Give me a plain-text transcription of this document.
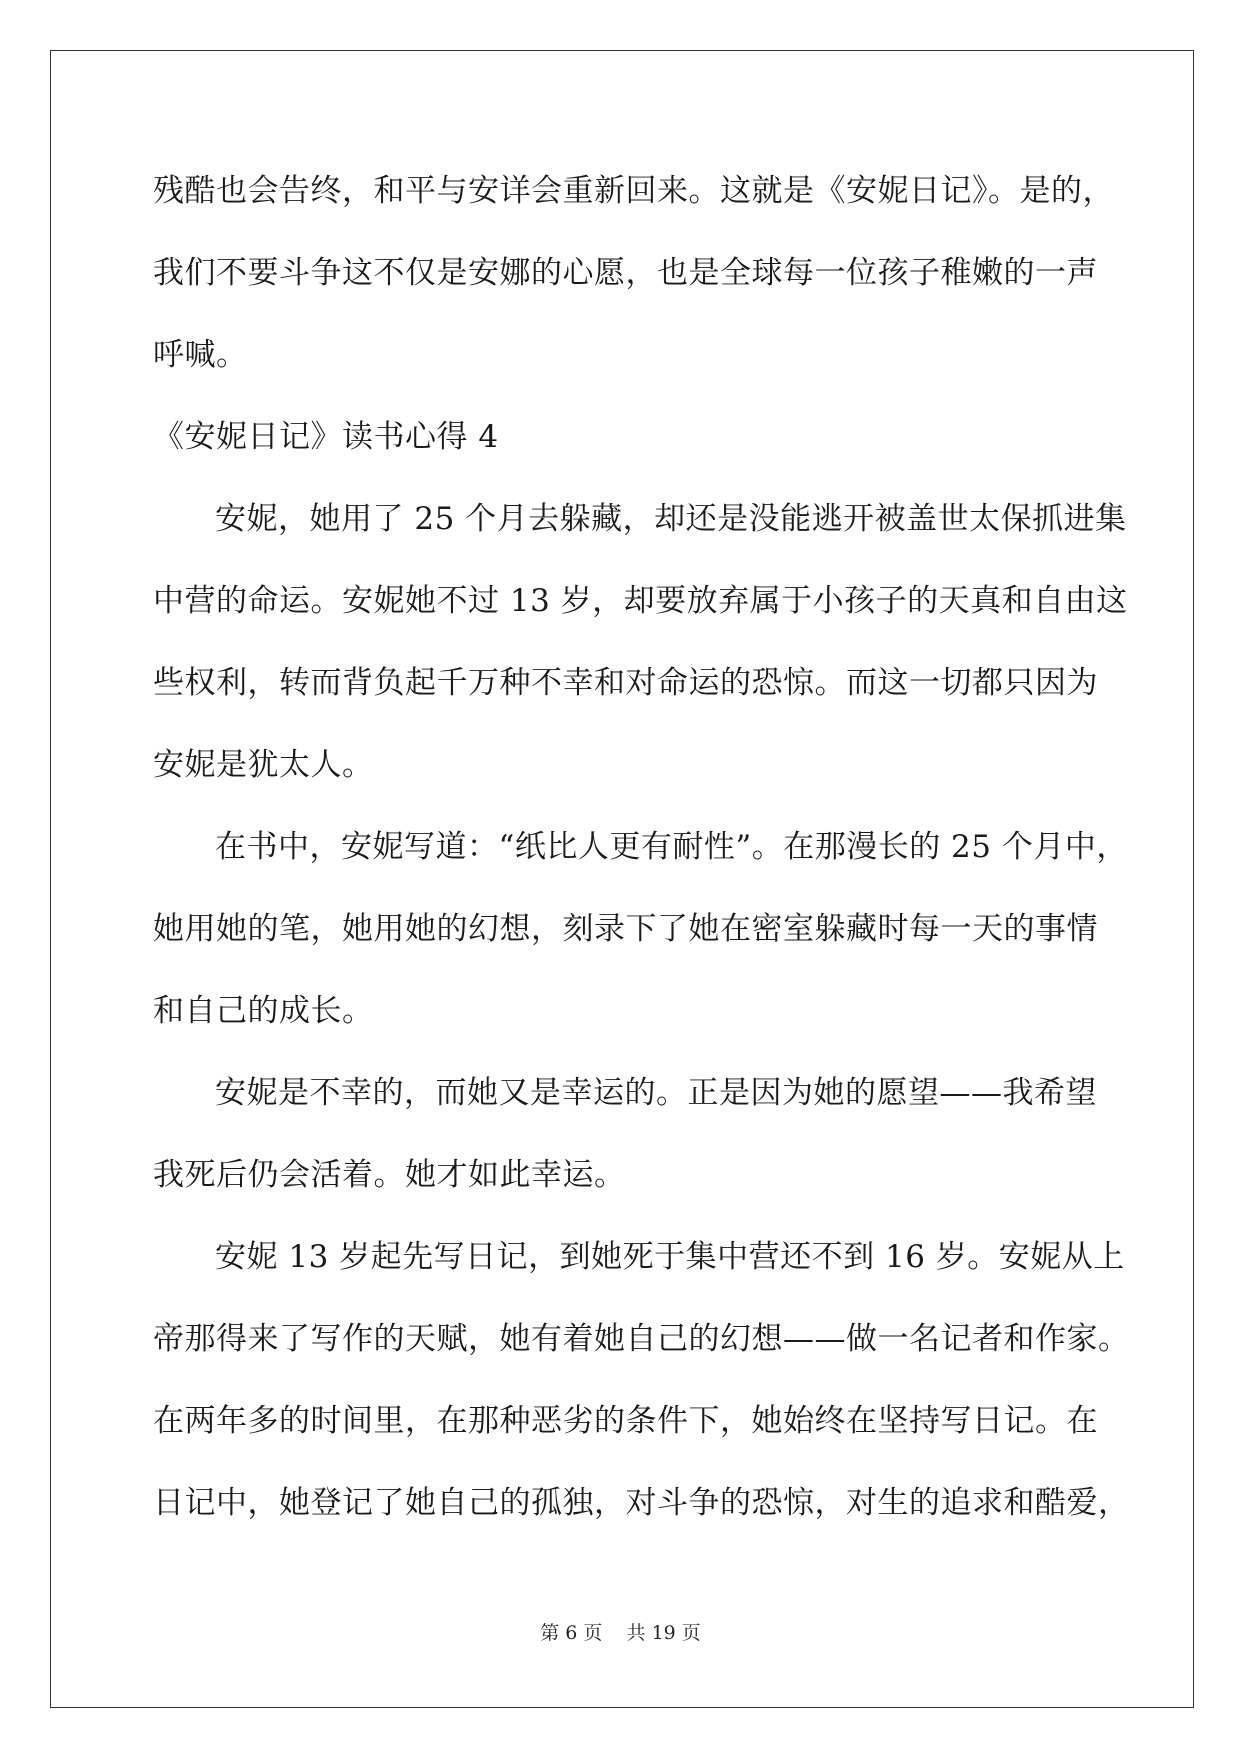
残酷也会告终，和平与安详会重新回来。这就是《安妮日记》。是的，
我们不要斗争这不仅是安娜的心愿，也是全球每一位孩子稚嫩的一声
呼喊。
《安妮日记》读书心得 4
安妮，她用了 25 个月去躲藏，却还是没能逃开被盖世太保抓进集
中营的命运。安妮她不过 13 岁，却要放弃属于小孩子的天真和自由这
些权利，转而背负起千万种不幸和对命运的恐惊。而这一切都只因为
安妮是犹太人。
在书中，安妮写道：“纸比人更有耐性”。在那漫长的 25 个月中，
她用她的笔，她用她的幻想，刻录下了她在密室躲藏时每一天的事情
和自己的成长。
安妮是不幸的，而她又是幸运的。正是因为她的愿望——我希望
我死后仍会活着。她才如此幸运。
安妮 13 岁起先写日记，到她死于集中营还不到 16 岁。安妮从上
帝那得来了写作的天赋，她有着她自己的幻想——做一名记者和作家。
在两年多的时间里，在那种恶劣的条件下，她始终在坚持写日记。在
日记中，她登记了她自己的孤独，对斗争的恐惊，对生的追求和酷爱，
第 6 页 共 19 页
